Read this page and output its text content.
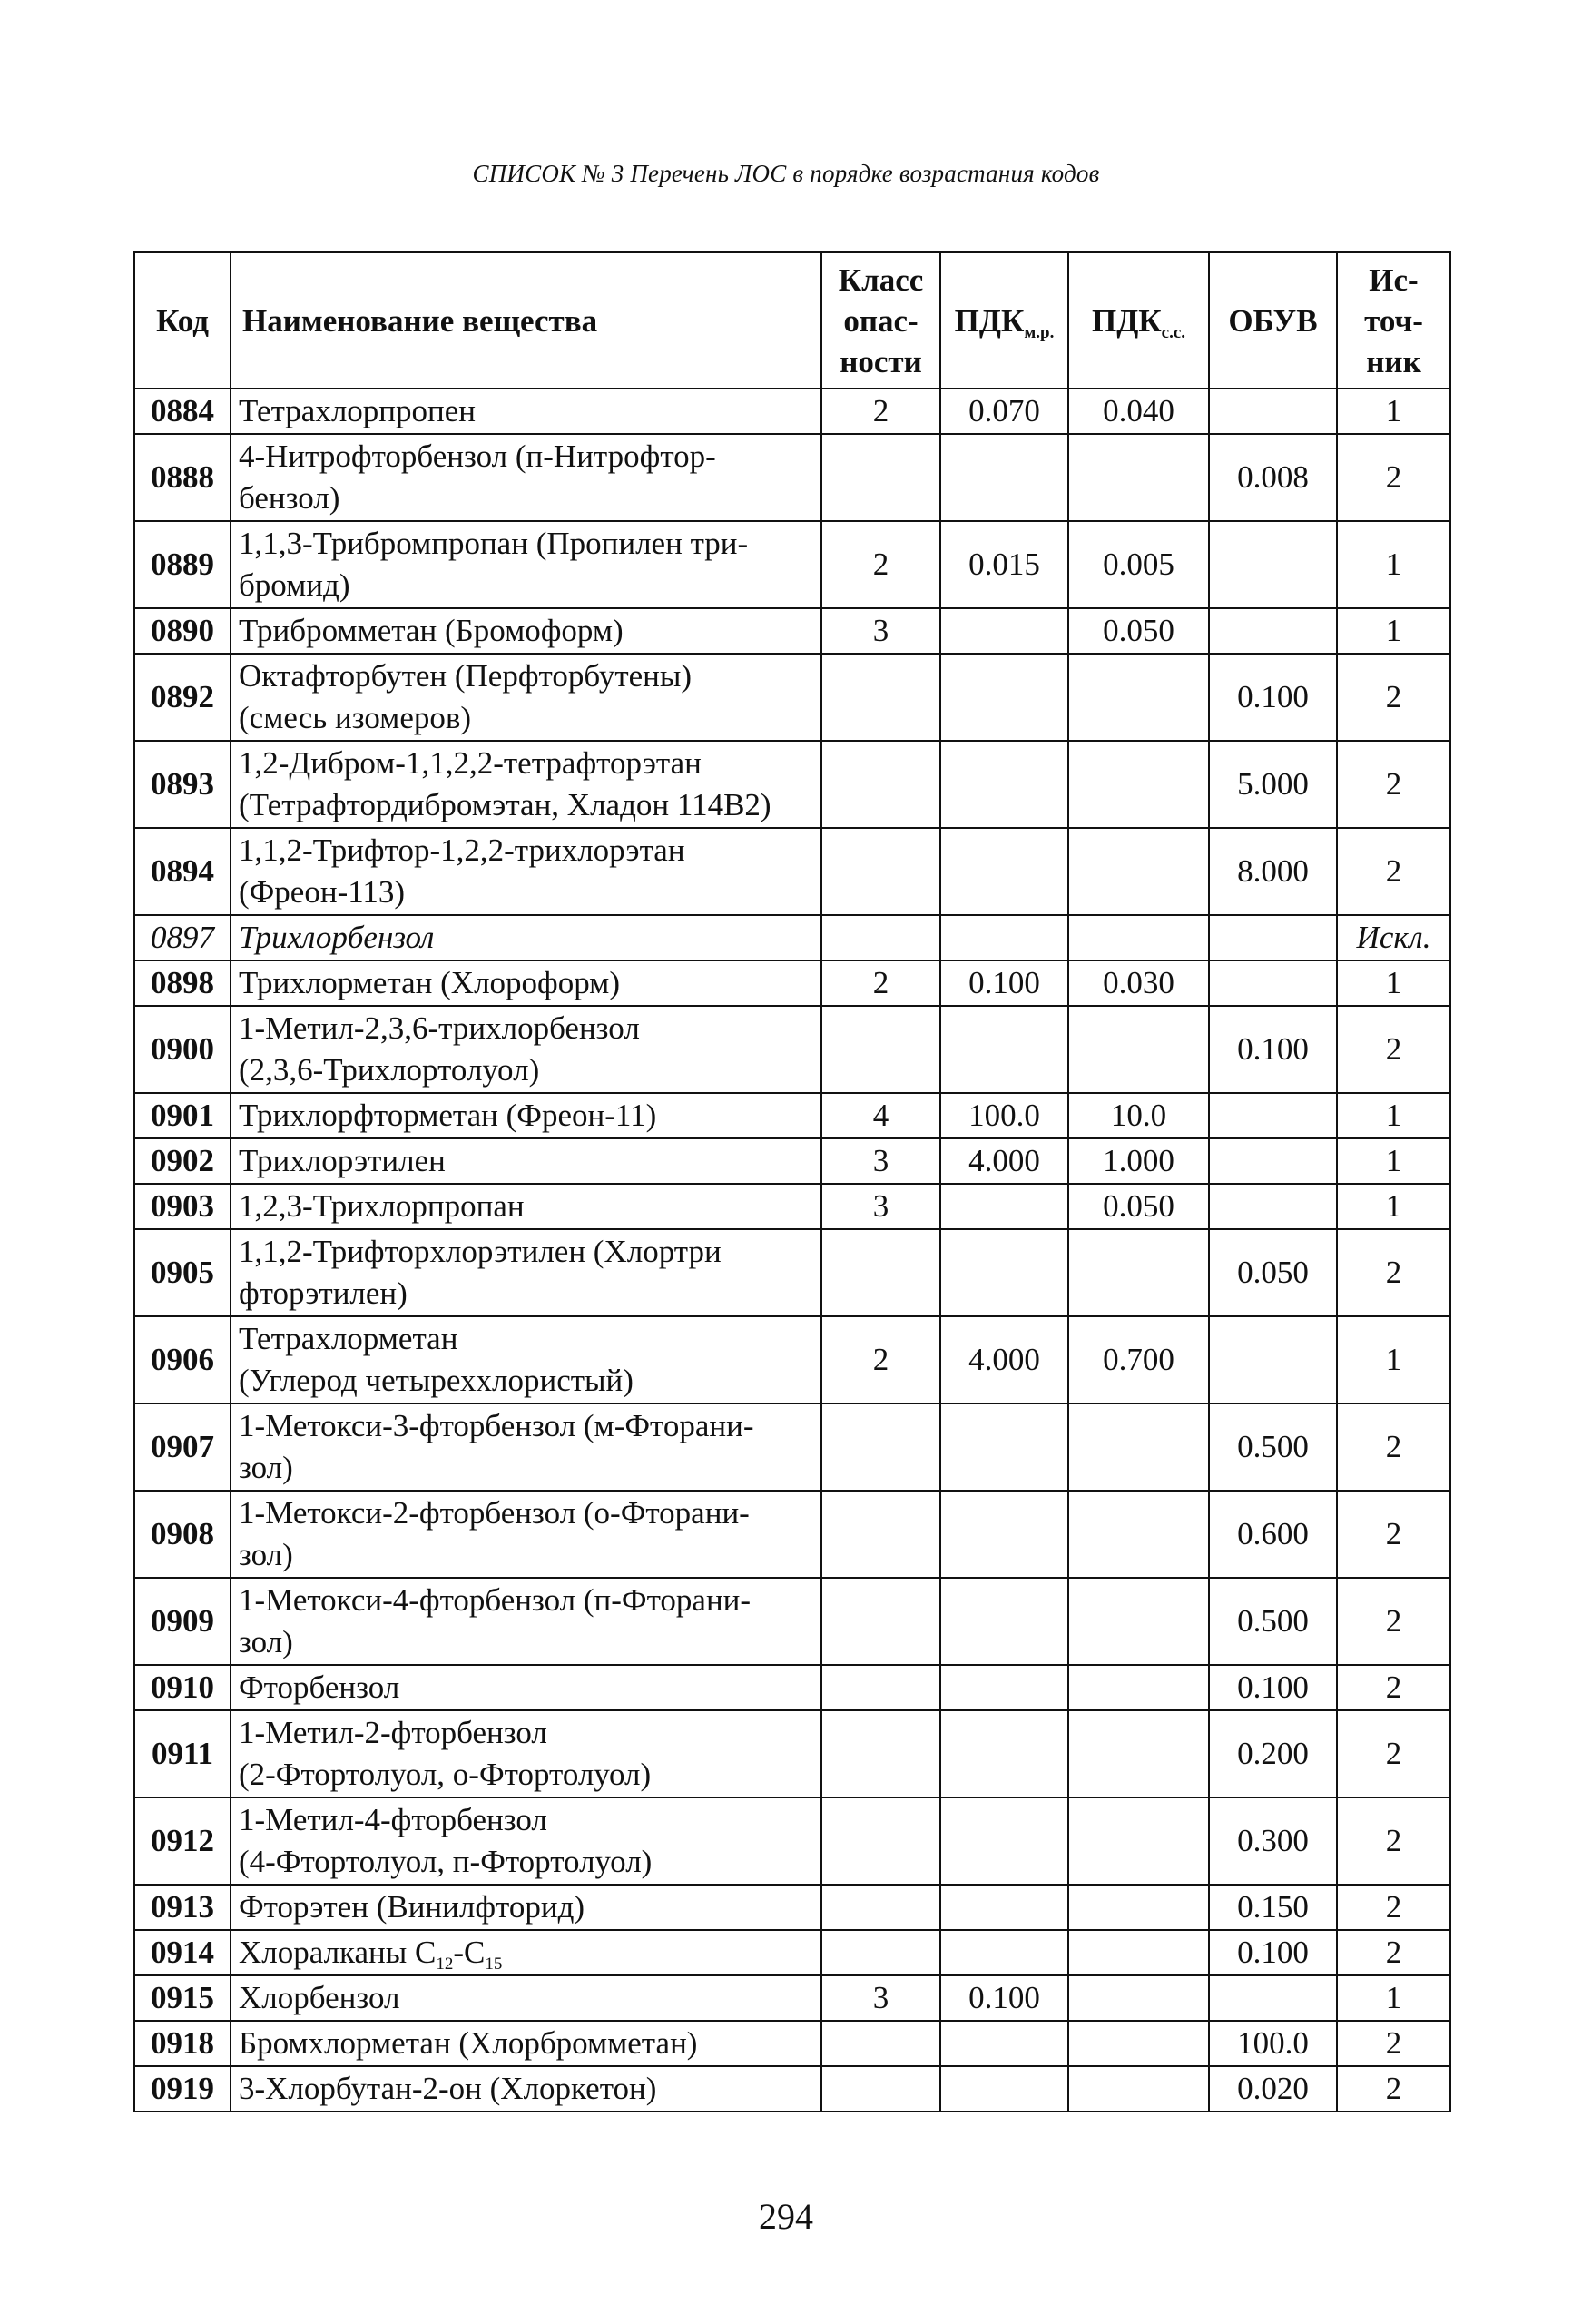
СПИСОК № 3 Перечень ЛОС в порядке возрастания кодов
Код	Наименование вещества	Класс
опас-
ности	$ПДК_{м.р.}$	$ПДК_{с.с.}$	ОБУВ	Ис-
точ-
ник
0884	Тетрахлорпропен	2	0.070	0.040		1
0888	4-Нитрофторбензол (п-Нитрофтор-
бензол)				0.008	2
0889	1,1,3-Трибромпропан (Пропилен три-
бромид)	2	0.015	0.005		1
0890	Трибромметан (Бромоформ)	3		0.050		1
0892	Октафторбутен (Перфторбутены)
(смесь изомеров)				0.100	2
0893	1,2-Дибром-1,1,2,2-тетрафторэтан
(Тетрафтордибромэтан, Хладон 114В2)				5.000	2
0894	1,1,2-Трифтор-1,2,2-трихлорэтан
(Фреон-113)				8.000	2
0897	Трихлорбензол					Искл.
0898	Трихлорметан (Хлороформ)	2	0.100	0.030		1
0900	1-Метил-2,3,6-трихлорбензол
(2,3,6-Трихлортолуол)				0.100	2
0901	Трихлорфторметан (Фреон-11)	4	100.0	10.0		1
0902	Трихлорэтилен	3	4.000	1.000		1
0903	1,2,3-Трихлорпропан	3		0.050		1
0905	1,1,2-Трифторхлорэтилен (Хлортри
фторэтилен)				0.050	2
0906	Тетрахлорметан
(Углерод четыреххлористый)	2	4.000	0.700		1
0907	1-Метокси-3-фторбензол (м-Фторани-
зол)				0.500	2
0908	1-Метокси-2-фторбензол (о-Фторани-
зол)				0.600	2
0909	1-Метокси-4-фторбензол (п-Фторани-
зол)				0.500	2
0910	Фторбензол				0.100	2
0911	1-Метил-2-фторбензол
(2-Фтортолуол, о-Фтортолуол)				0.200	2
0912	1-Метил-4-фторбензол
(4-Фтортолуол, п-Фтортолуол)				0.300	2
0913	Фторэтен (Винилфторид)				0.150	2
0914	Хлоралканы $C_{12}-C_{15}$				0.100	2
0915	Хлорбензол	3	0.100			1
0918	Бромхлорметан (Хлорбромметан)				100.0	2
0919	3-Хлорбутан-2-он (Хлоркетон)				0.020	2
294
